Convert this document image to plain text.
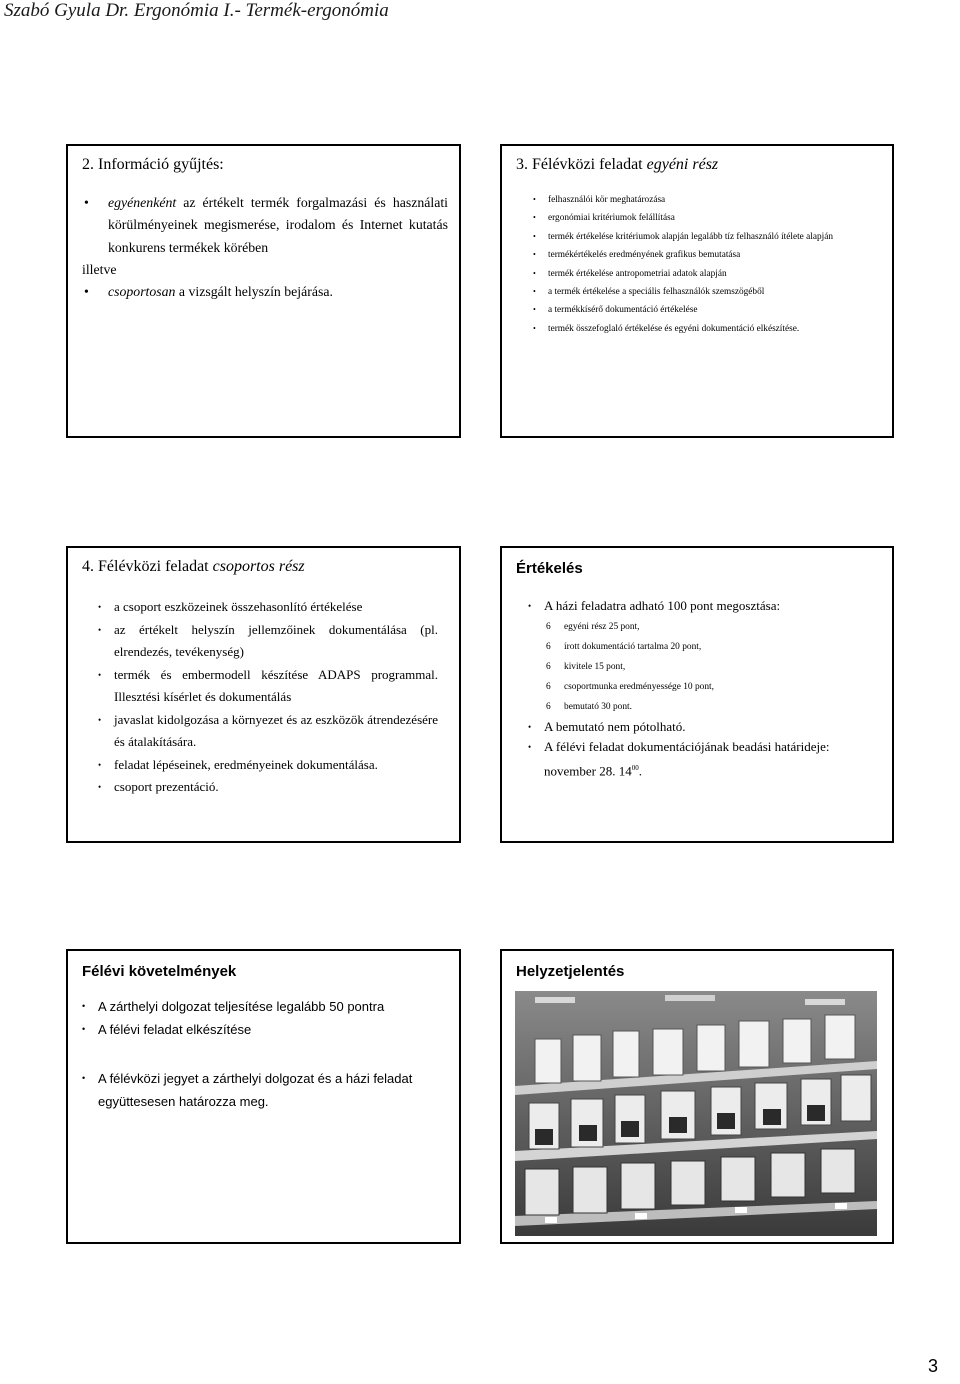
Szabó Gyula Dr. Ergonómia I.- Termék-ergonómia
2. Információ gyűjtés:
• egyénenként az értékelt termék forgalmazási és használati körülményeinek megismerése, irodalom és Internet kutatás konkurens termékek körében
illetve
• csoportosan a vizsgált helyszín bejárása.
3. Félévközi feladat egyéni rész
• felhasználói kör meghatározása
• ergonómiai kritériumok felállítása
• termék értékelése kritériumok alapján legalább tíz felhasználó ítélete alapján
• termékértékelés eredményének grafikus bemutatása
• termék értékelése antropometriai adatok alapján
• a termék értékelése a speciális felhasználók szemszögéből
• a termékkísérő dokumentáció értékelése
• termék összefoglaló értékelése és egyéni dokumentáció elkészítése.
4. Félévközi feladat csoportos rész
• a csoport eszközeinek összehasonlító értékelése
• az értékelt helyszín jellemzőinek dokumentálása (pl. elrendezés, tevékenység)
• termék és embermodell készítése ADAPS programmal. Illesztési kísérlet és dokumentálás
• javaslat kidolgozása a környezet és az eszközök átrendezésére és átalakítására.
• feladat lépéseinek, eredményeinek dokumentálása.
• csoport prezentáció.
Értékelés
• A házi feladatra adható 100 pont megosztása:
6 egyéni rész 25 pont,
6 írott dokumentáció tartalma 20 pont,
6 kivitele 15 pont,
6 csoportmunka eredményessége 10 pont,
6 bemutató 30 pont.
• A bemutató nem pótolható.
• A félévi feladat dokumentációjának beadási határideje: november 28. $14^{00}$.
Félévi követelmények
• A zárthelyi dolgozat teljesítése legalább 50 pontra
• A félévi feladat elkészítése
• A félévközi jegyet a zárthelyi dolgozat és a házi feladat együttesesen határozza meg.
Helyzetjelentés
3
